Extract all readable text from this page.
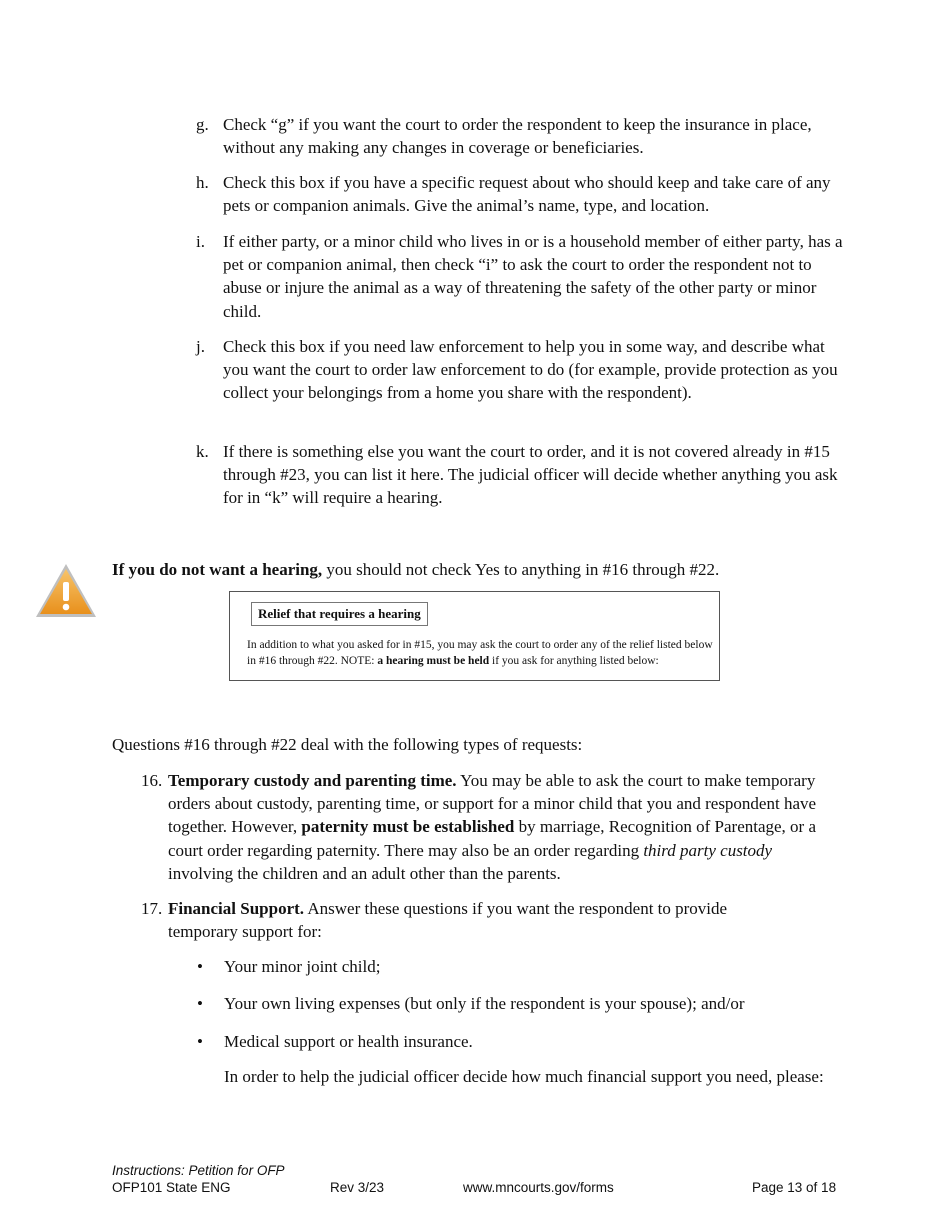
g. Check “g” if you want the court to order the respondent to keep the insurance in place, without any making any changes in coverage or beneficiaries.
h. Check this box if you have a specific request about who should keep and take care of any pets or companion animals. Give the animal’s name, type, and location.
i. If either party, or a minor child who lives in or is a household member of either party, has a pet or companion animal, then check “i” to ask the court to order the respondent not to abuse or injure the animal as a way of threatening the safety of the other party or minor child.
j. Check this box if you need law enforcement to help you in some way, and describe what you want the court to order law enforcement to do (for example, provide protection as you collect your belongings from a home you share with the respondent).
k. If there is something else you want the court to order, and it is not covered already in #15 through #23, you can list it here. The judicial officer will decide whether anything you ask for in “k” will require a hearing.
If you do not want a hearing, you should not check Yes to anything in #16 through #22.
Relief that requires a hearing
In addition to what you asked for in #15, you may ask the court to order any of the relief listed below in #16 through #22. NOTE: a hearing must be held if you ask for anything listed below:
Questions #16 through #22 deal with the following types of requests:
16. Temporary custody and parenting time. You may be able to ask the court to make temporary orders about custody, parenting time, or support for a minor child that you and respondent have together. However, paternity must be established by marriage, Recognition of Parentage, or a court order regarding paternity. There may also be an order regarding third party custody involving the children and an adult other than the parents.
17. Financial Support. Answer these questions if you want the respondent to provide temporary support for:
• Your minor joint child;
• Your own living expenses (but only if the respondent is your spouse); and/or
• Medical support or health insurance.
In order to help the judicial officer decide how much financial support you need, please:
Instructions: Petition for OFP
OFP101 State ENG	Rev 3/23	www.mncourts.gov/forms	Page 13 of 18
